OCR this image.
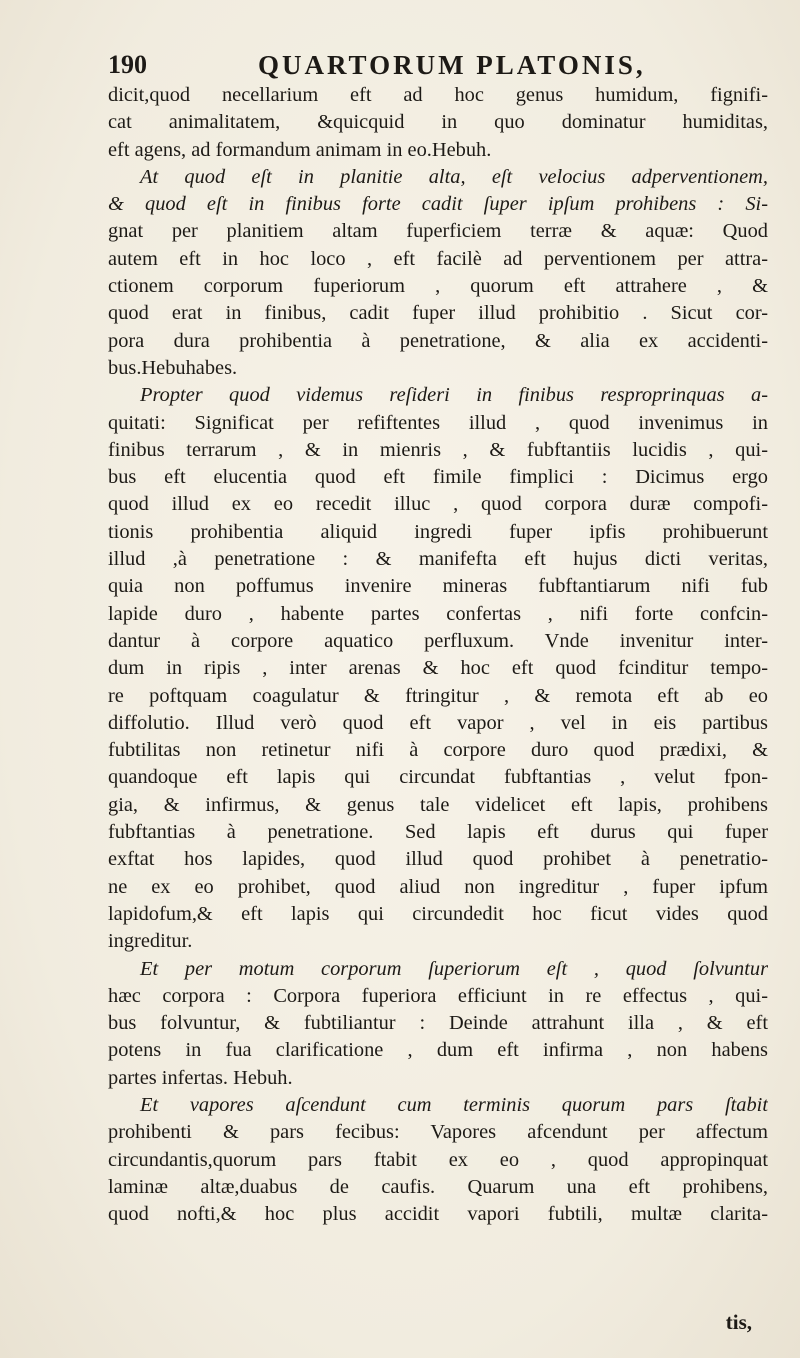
190	QUARTORUM PLATONIS,
dicit,quod necellarium eft ad hoc genus humidum, fignifi-
cat animalitatem, &quicquid in quo dominatur humiditas,
eft agens, ad formandum animam in eo.Hebuh.
At quod eſt in planitie alta, eſt velocius adperventionem,
& quod eſt in finibus forte cadit ſuper ipſum prohibens : Si-
gnat per planitiem altam fuperficiem terræ & aquæ: Quod
autem eft in hoc loco , eft facilè ad perventionem per attra-
ctionem corporum fuperiorum , quorum eft attrahere , &
quod erat in finibus, cadit fuper illud prohibitio . Sicut cor-
pora dura prohibentia à penetratione, & alia ex accidenti-
bus.Hebuhabes.
Propter quod videmus reſideri in finibus resproprinquas a-
quitati: Significat per refiftentes illud , quod invenimus in
finibus terrarum , & in mienris , & fubftantiis lucidis , qui-
bus eft elucentia quod eft fimile fimplici : Dicimus ergo
quod illud ex eo recedit illuc , quod corpora duræ compofi-
tionis prohibentia aliquid ingredi fuper ipfis prohibuerunt
illud ,à penetratione : & manifefta eft hujus dicti veritas,
quia non poffumus invenire mineras fubftantiarum nifi fub
lapide duro , habente partes confertas , nifi forte confcin-
dantur à corpore aquatico perfluxum. Vnde invenitur inter-
dum in ripis , inter arenas & hoc eft quod fcinditur tempo-
re poftquam coagulatur & ftringitur , & remota eft ab eo
diffolutio. Illud verò quod eft vapor , vel in eis partibus
fubtilitas non retinetur nifi à corpore duro quod prædixi, &
quandoque eft lapis qui circundat fubftantias , velut fpon-
gia, & infirmus, & genus tale videlicet eft lapis, prohibens
fubftantias à penetratione. Sed lapis eft durus qui fuper
exftat hos lapides, quod illud quod prohibet à penetratio-
ne ex eo prohibet, quod aliud non ingreditur , fuper ipfum
lapidofum,& eft lapis qui circundedit hoc ficut vides quod
ingreditur.
Et per motum corporum ſuperiorum eſt , quod ſolvuntur
hæc corpora : Corpora fuperiora efficiunt in re effectus , qui-
bus folvuntur, & fubtiliantur : Deinde attrahunt illa , & eft
potens in fua clarificatione , dum eft infirma , non habens
partes infertas. Hebuh.
Et vapores aſcendunt cum terminis quorum pars ſtabit
prohibenti & pars fecibus: Vapores afcendunt per affectum
circundantis,quorum pars ftabit ex eo , quod appropinquat
laminæ altæ,duabus de caufis. Quarum una eft prohibens,
quod nofti,& hoc plus accidit vapori fubtili, multæ clarita-
tis,
